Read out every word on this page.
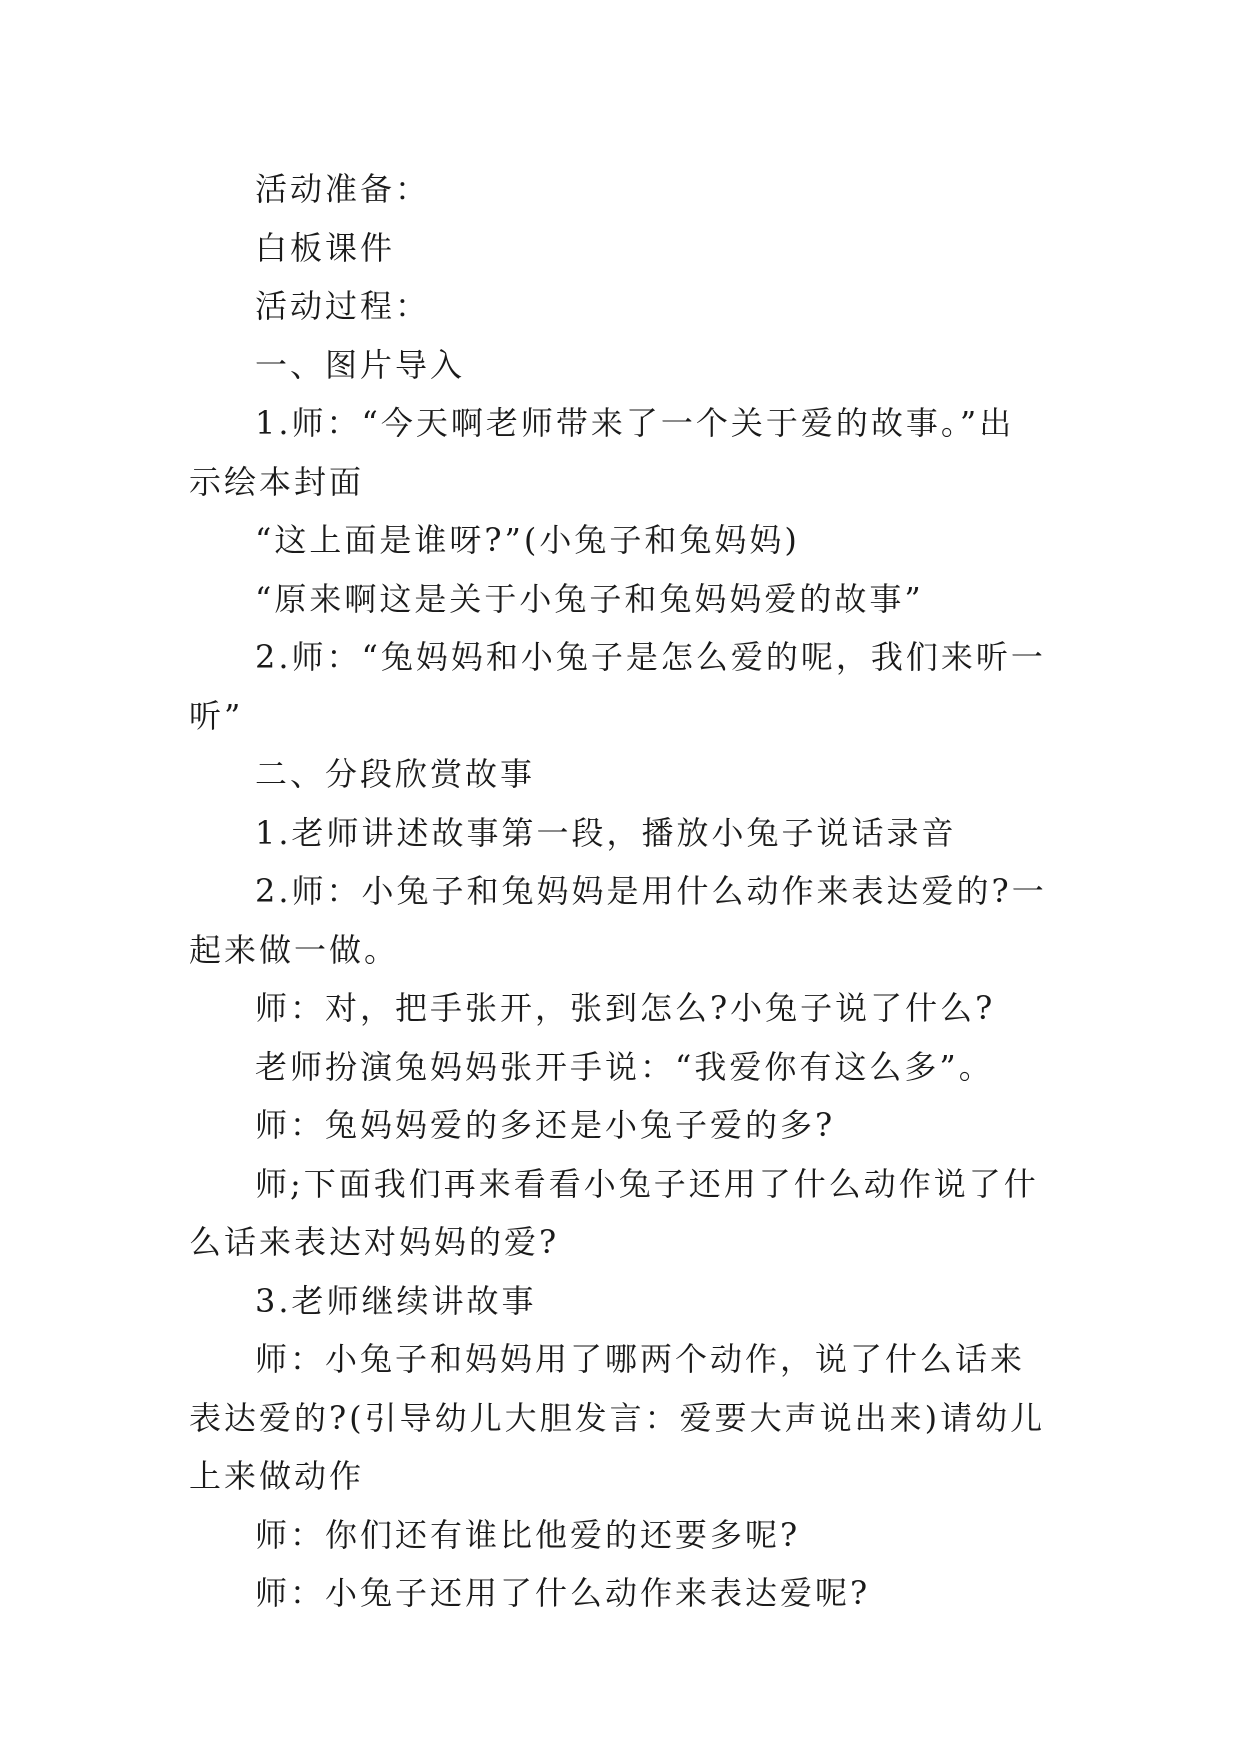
活动准备：

白板课件

活动过程：

一、图片导入

1.师：“今天啊老师带来了一个关于爱的故事。”出示绘本封面

“这上面是谁呀?”(小兔子和兔妈妈)

“原来啊这是关于小兔子和兔妈妈爱的故事”

2.师：“兔妈妈和小兔子是怎么爱的呢，我们来听一听”

二、分段欣赏故事

1.老师讲述故事第一段，播放小兔子说话录音

2.师：小兔子和兔妈妈是用什么动作来表达爱的?一起来做一做。

师：对，把手张开，张到怎么?小兔子说了什么?

老师扮演兔妈妈张开手说：“我爱你有这么多”。

师：兔妈妈爱的多还是小兔子爱的多?

师;下面我们再来看看小兔子还用了什么动作说了什么话来表达对妈妈的爱?

3.老师继续讲故事

师：小兔子和妈妈用了哪两个动作，说了什么话来表达爱的?(引导幼儿大胆发言：爱要大声说出来)请幼儿上来做动作

师：你们还有谁比他爱的还要多呢?

师：小兔子还用了什么动作来表达爱呢?
